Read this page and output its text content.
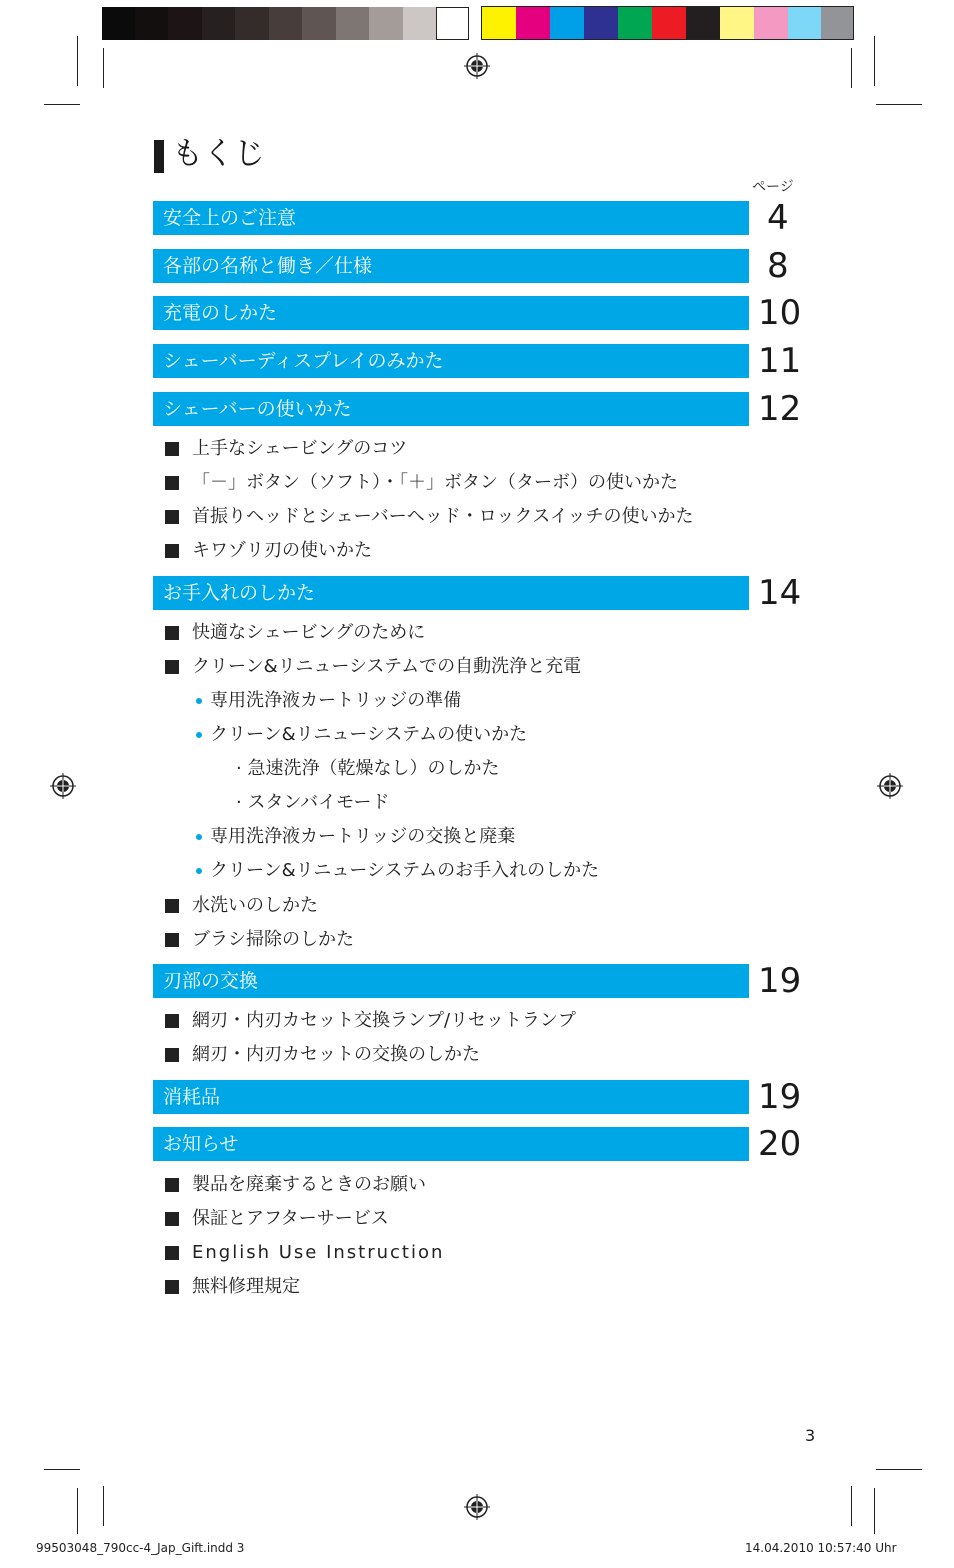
もくじ
ページ
安全上のご注意	4
各部の名称と働き／仕様	8
充電のしかた	10
シェーバーディスプレイのみかた	11
シェーバーの使いかた	12
上手なシェービングのコツ
「－」ボタン（ソフト）・「＋」ボタン（ターボ）の使いかた
首振りヘッドとシェーバーヘッド・ロックスイッチの使いかた
キワゾリ刃の使いかた
お手入れのしかた	14
快適なシェービングのために
クリーン&リニューシステムでの自動洗浄と充電
専用洗浄液カートリッジの準備
クリーン&リニューシステムの使いかた
· 急速洗浄（乾燥なし）のしかた
· スタンバイモード
専用洗浄液カートリッジの交換と廃棄
クリーン&リニューシステムのお手入れのしかた
水洗いのしかた
ブラシ掃除のしかた
刃部の交換	19
網刃・内刃カセット交換ランプ/リセットランプ
網刃・内刃カセットの交換のしかた
消耗品	19
お知らせ	20
製品を廃棄するときのお願い
保証とアフターサービス
English Use Instruction
無料修理規定
3
99503048_790cc-4_Jap_Gift.indd 3	14.04.2010 10:57:40 Uhr
